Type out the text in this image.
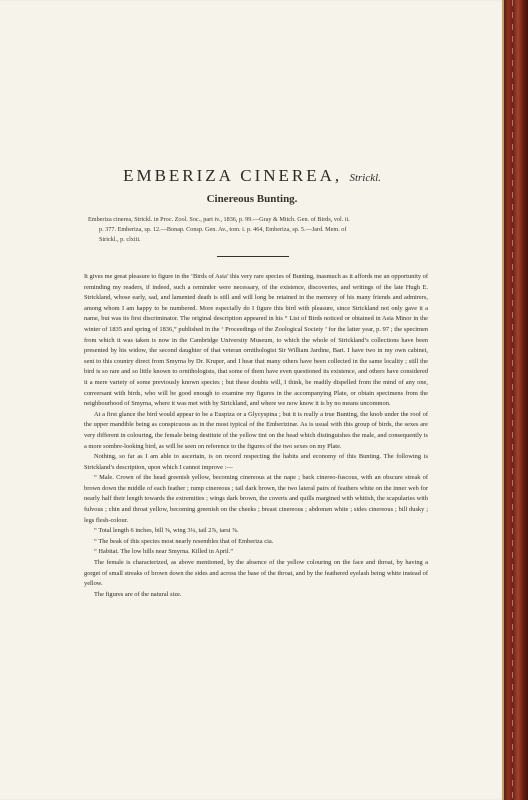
EMBERIZA CINEREA, Strickl.
Cinereous Bunting.
Emberiza cinerea, Strickl. in Proc. Zool. Soc., part iv., 1836, p. 99.—Gray & Mitch. Gen. of Birds, vol. ii.
p. 377. Emberiza, sp. 12.—Bonap. Consp. Gen. Av., tom. i. p. 464, Emberiza, sp. 5.—Jard. Mem. of
Strickl., p. clxiii.

It gives me great pleasure to figure in the ‘Birds of Asia’ this very rare species of Bunting, inasmuch as it affords me an opportunity of reminding my readers, if indeed, such a reminder were necessary, of the existence, discoveries, and writings of the late Hugh E. Strickland, whose early, sad, and lamented death is still and will long be retained in the memory of his many friends and admirers, among whom I am happy to be numbered. More especially do I figure this bird with pleasure, since Strickland not only gave it a name, but was its first discriminator. The original description appeared in his “ List of Birds noticed or obtained in Asia Minor in the winter of 1835 and spring of 1836,” published in the ‘ Proceedings of the Zoological Society ’ for the latter year, p. 97 ; the specimen from which it was taken is now in the Cambridge University Museum, to which the whole of Strickland’s collections have been presented by his widow, the second daughter of that veteran ornithologist Sir William Jardine, Bart. I have two in my own cabinet, sent to this country direct from Smyrna by Dr. Kruper, and I hear that many others have been collected in the same locality ; still the bird is so rare and so little known to ornithologists, that some of them have even questioned its existence, and others have considered it a mere variety of some previously known species ; but these doubts will, I think, be readily dispelled from the mind of any one, conversant with birds, who will be good enough to examine my figures in the accompanying Plate, or obtain specimens from the neighbourhood of Smyrna, where it was met with by Strickland, and where we now know it is by no means uncommon.

At a first glance the bird would appear to be a Euspiza or a Glycyspina ; but it is really a true Bunting, the knob under the roof of the upper mandible being as conspicuous as in the most typical of the Emberizinæ. As is usual with this group of birds, the sexes are very different in colouring, the female being destitute of the yellow tint on the head which distinguishes the male, and consequently is a more sombre-looking bird, as will be seen on reference to the figures of the two sexes on my Plate.

Nothing, so far as I am able to ascertain, is on record respecting the habits and economy of this Bunting. The following is Strickland’s description, upon which I cannot improve :—

“ Male. Crown of the head greenish yellow, becoming cinereous at the nape ; back cinereo-fuscous, with an obscure streak of brown down the middle of each feather ; rump cinereous ; tail dark brown, the two lateral pairs of feathers white on the inner web for nearly half their length towards the extremities ; wings dark brown, the coverts and quills margined with whitish, the scapularies with fulvous ; chin and throat yellow, becoming greenish on the cheeks ; breast cinereous ; abdomen white ; sides cinereous ; bill dusky ; legs flesh-colour.

“ Total length 6 inches, bill ⅝, wing 3¼, tail 2⅞, tarsi ⅞.

“ The beak of this species most nearly resembles that of Emberiza cia.

“ Habitat. The low hills near Smyrna. Killed in April.”

The female is characterized, as above mentioned, by the absence of the yellow colouring on the face and throat, by having a gorget of small streaks of brown down the sides and across the base of the throat, and by the feathered eyelash being white instead of yellow.

The figures are of the natural size.
